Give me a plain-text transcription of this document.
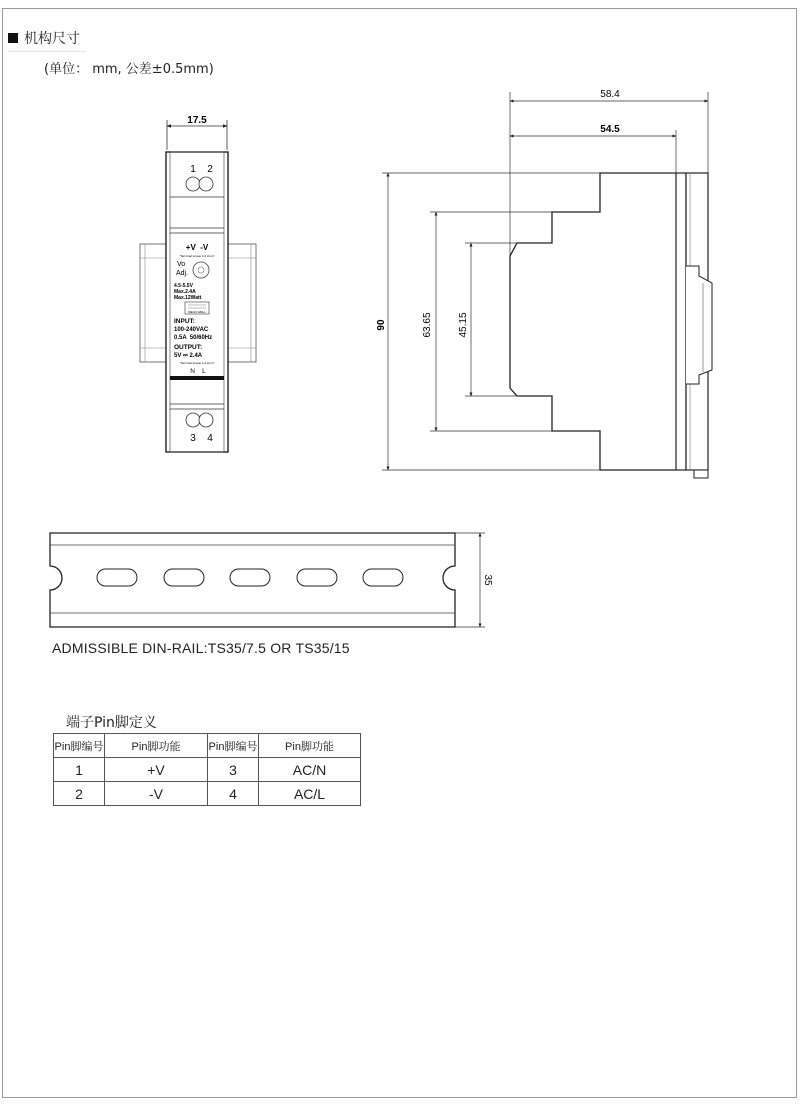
机构尺寸
(单位： mm, 公差±0.5mm)
17.5
1 2
+V  -V
"Terminal torque 4.4 Lb-in"
Vo
Adj.
4.5-5.5V
Max.2.4A
Max.12Watt
MEAN WELL
INPUT:
100-240VAC
0.5A  50/60Hz
OUTPUT:
5V ⎓ 2.4A
"Terminal torque 4.4 Lb-in"
N    L
3 4
58.4
54.5
90	63.65	45.15
35
ADMISSIBLE DIN-RAIL:TS35/7.5 OR TS35/15
端子Pin脚定义
Pin脚编号	Pin脚功能	Pin脚编号	Pin脚功能
1	+V	3	AC/N
2	-V	4	AC/L
